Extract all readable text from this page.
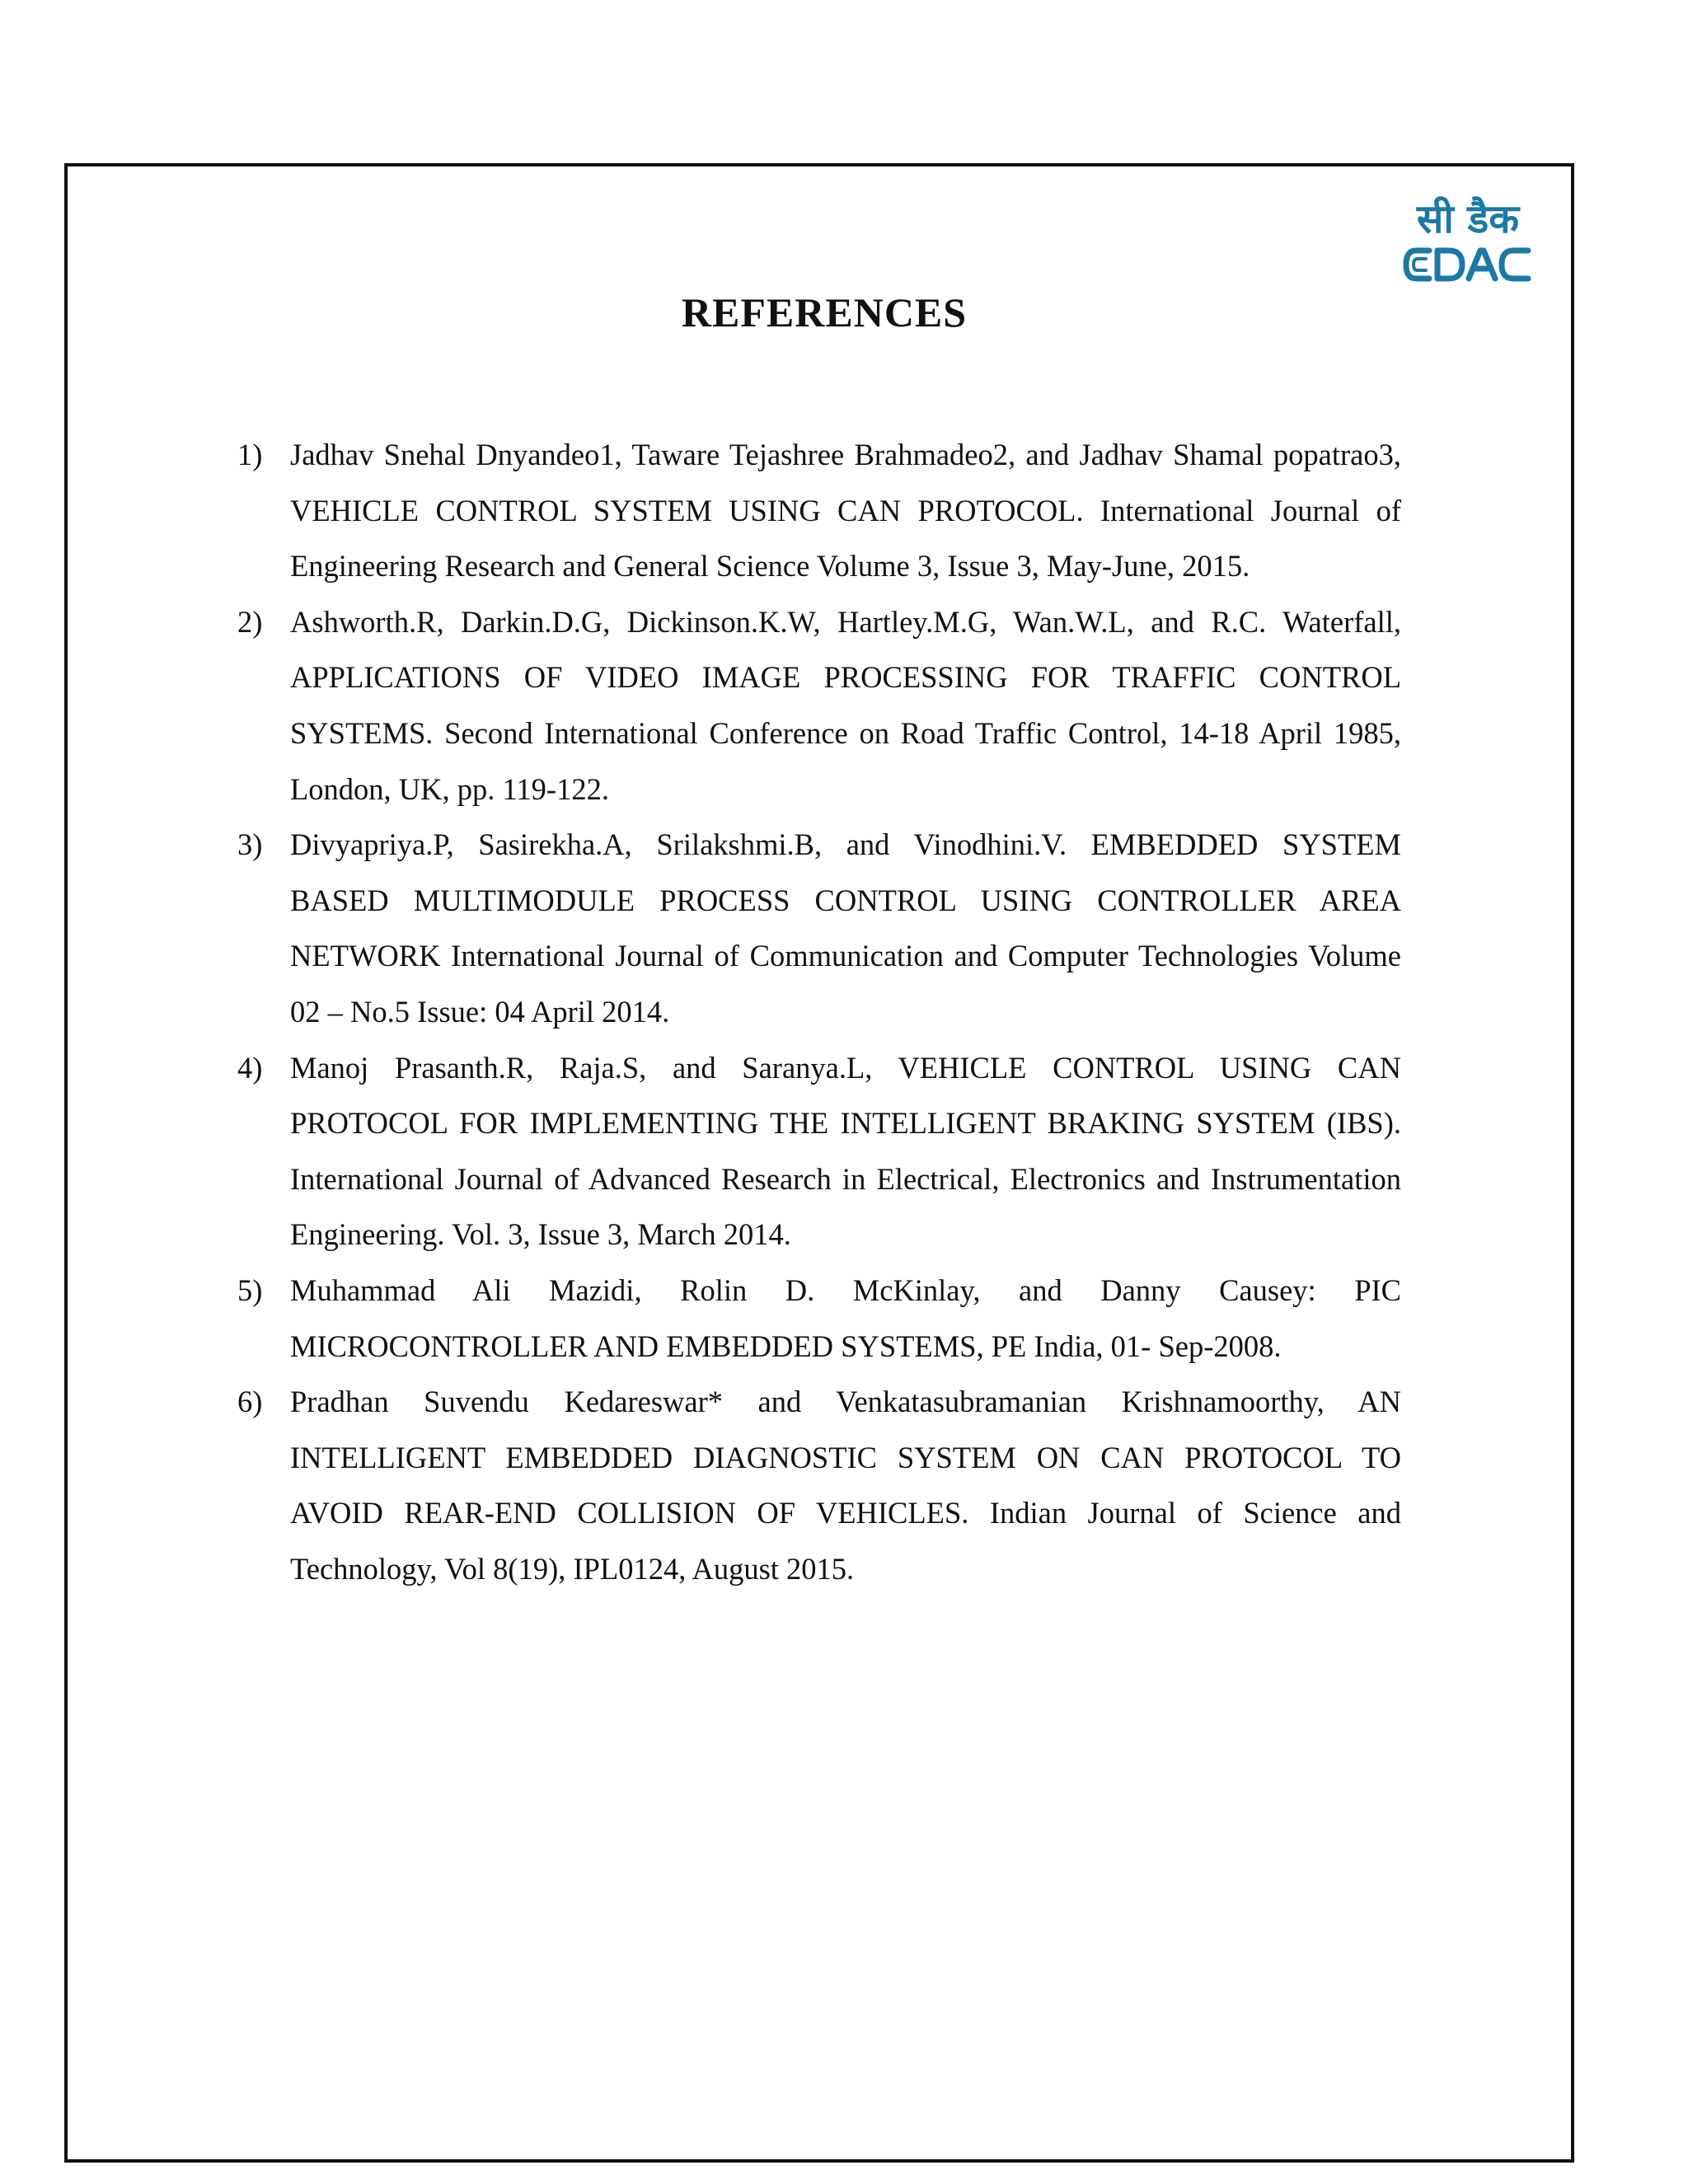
सी डैक
REFERENCES
1) Jadhav Snehal Dnyandeo1, Taware Tejashree Brahmadeo2, and Jadhav Shamal popatrao3, VEHICLE CONTROL SYSTEM USING CAN PROTOCOL. International Journal of Engineering Research and General Science Volume 3, Issue 3, May-June, 2015.
2) Ashworth.R, Darkin.D.G, Dickinson.K.W, Hartley.M.G, Wan.W.L, and R.C. Waterfall, APPLICATIONS OF VIDEO IMAGE PROCESSING FOR TRAFFIC CONTROL SYSTEMS. Second International Conference on Road Traffic Control, 14-18 April 1985, London, UK, pp. 119-122.
3) Divyapriya.P, Sasirekha.A, Srilakshmi.B, and Vinodhini.V. EMBEDDED SYSTEM BASED MULTIMODULE PROCESS CONTROL USING CONTROLLER AREA NETWORK International Journal of Communication and Computer Technologies Volume 02 – No.5 Issue: 04 April 2014.
4) Manoj Prasanth.R, Raja.S, and Saranya.L, VEHICLE CONTROL USING CAN PROTOCOL FOR IMPLEMENTING THE INTELLIGENT BRAKING SYSTEM (IBS). International Journal of Advanced Research in Electrical, Electronics and Instrumentation Engineering. Vol. 3, Issue 3, March 2014.
5) Muhammad Ali Mazidi, Rolin D. McKinlay, and Danny Causey: PIC MICROCONTROLLER AND EMBEDDED SYSTEMS, PE India, 01- Sep-2008.
6) Pradhan Suvendu Kedareswar* and Venkatasubramanian Krishnamoorthy, AN INTELLIGENT EMBEDDED DIAGNOSTIC SYSTEM ON CAN PROTOCOL TO AVOID REAR-END COLLISION OF VEHICLES. Indian Journal of Science and Technology, Vol 8(19), IPL0124, August 2015.
